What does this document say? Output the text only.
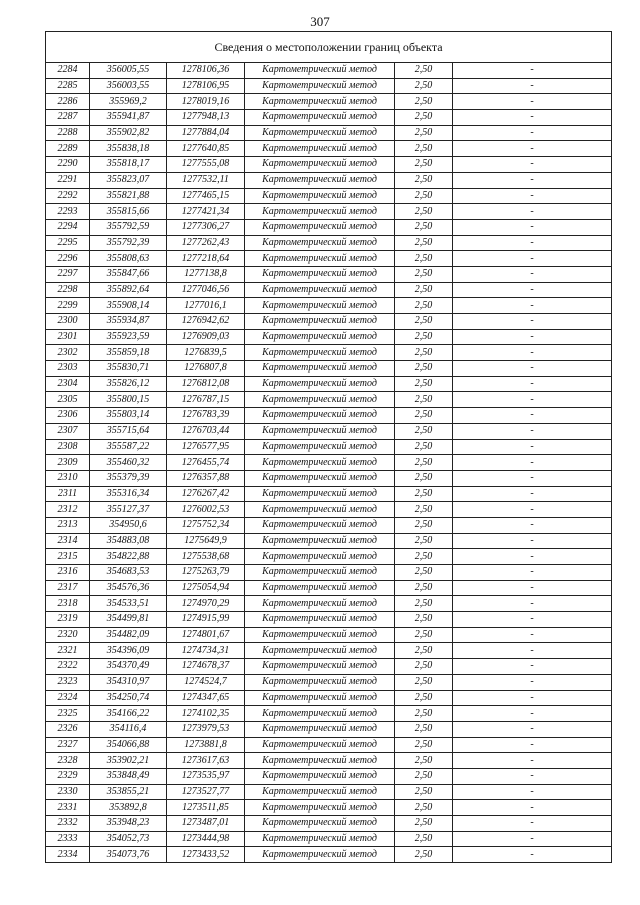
307
Сведения о местоположении границ объекта					
2284	356005,55	1278106,36	Картометрический метод	2,50	-
2285	356003,55	1278106,95	Картометрический метод	2,50	-
2286	355969,2	1278019,16	Картометрический метод	2,50	-
2287	355941,87	1277948,13	Картометрический метод	2,50	-
2288	355902,82	1277884,04	Картометрический метод	2,50	-
2289	355838,18	1277640,85	Картометрический метод	2,50	-
2290	355818,17	1277555,08	Картометрический метод	2,50	-
2291	355823,07	1277532,11	Картометрический метод	2,50	-
2292	355821,88	1277465,15	Картометрический метод	2,50	-
2293	355815,66	1277421,34	Картометрический метод	2,50	-
2294	355792,59	1277306,27	Картометрический метод	2,50	-
2295	355792,39	1277262,43	Картометрический метод	2,50	-
2296	355808,63	1277218,64	Картометрический метод	2,50	-
2297	355847,66	1277138,8	Картометрический метод	2,50	-
2298	355892,64	1277046,56	Картометрический метод	2,50	-
2299	355908,14	1277016,1	Картометрический метод	2,50	-
2300	355934,87	1276942,62	Картометрический метод	2,50	-
2301	355923,59	1276909,03	Картометрический метод	2,50	-
2302	355859,18	1276839,5	Картометрический метод	2,50	-
2303	355830,71	1276807,8	Картометрический метод	2,50	-
2304	355826,12	1276812,08	Картометрический метод	2,50	-
2305	355800,15	1276787,15	Картометрический метод	2,50	-
2306	355803,14	1276783,39	Картометрический метод	2,50	-
2307	355715,64	1276703,44	Картометрический метод	2,50	-
2308	355587,22	1276577,95	Картометрический метод	2,50	-
2309	355460,32	1276455,74	Картометрический метод	2,50	-
2310	355379,39	1276357,88	Картометрический метод	2,50	-
2311	355316,34	1276267,42	Картометрический метод	2,50	-
2312	355127,37	1276002,53	Картометрический метод	2,50	-
2313	354950,6	1275752,34	Картометрический метод	2,50	-
2314	354883,08	1275649,9	Картометрический метод	2,50	-
2315	354822,88	1275538,68	Картометрический метод	2,50	-
2316	354683,53	1275263,79	Картометрический метод	2,50	-
2317	354576,36	1275054,94	Картометрический метод	2,50	-
2318	354533,51	1274970,29	Картометрический метод	2,50	-
2319	354499,81	1274915,99	Картометрический метод	2,50	-
2320	354482,09	1274801,67	Картометрический метод	2,50	-
2321	354396,09	1274734,31	Картометрический метод	2,50	-
2322	354370,49	1274678,37	Картометрический метод	2,50	-
2323	354310,97	1274524,7	Картометрический метод	2,50	-
2324	354250,74	1274347,65	Картометрический метод	2,50	-
2325	354166,22	1274102,35	Картометрический метод	2,50	-
2326	354116,4	1273979,53	Картометрический метод	2,50	-
2327	354066,88	1273881,8	Картометрический метод	2,50	-
2328	353902,21	1273617,63	Картометрический метод	2,50	-
2329	353848,49	1273535,97	Картометрический метод	2,50	-
2330	353855,21	1273527,77	Картометрический метод	2,50	-
2331	353892,8	1273511,85	Картометрический метод	2,50	-
2332	353948,23	1273487,01	Картометрический метод	2,50	-
2333	354052,73	1273444,98	Картометрический метод	2,50	-
2334	354073,76	1273433,52	Картометрический метод	2,50	-
